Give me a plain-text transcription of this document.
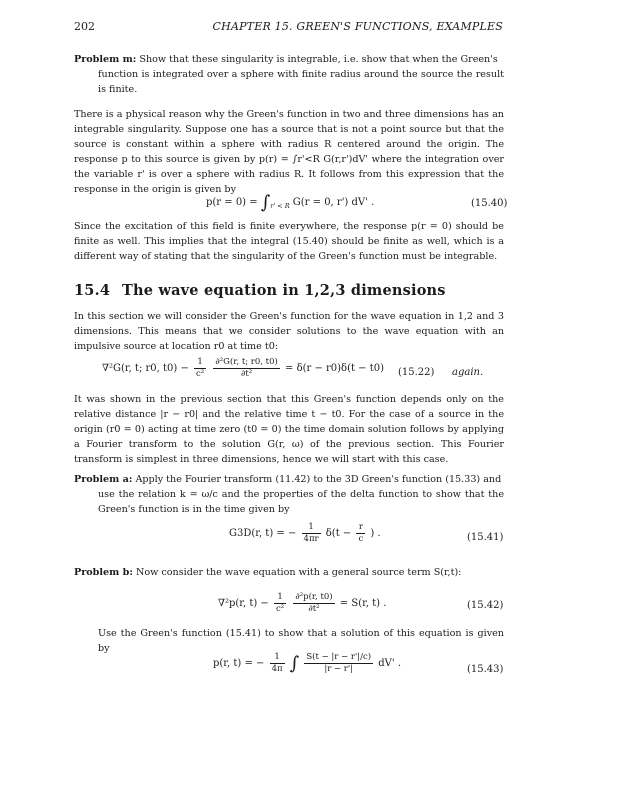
202	CHAPTER 15. GREEN'S FUNCTIONS, EXAMPLES
Problem m: Show that these singularity is integrable, i.e. show that when the Green's
function is integrated over a sphere with finite radius around the source the result is finite.
There is a physical reason why the Green's function in two and three dimensions has an integrable singularity. Suppose one has a source that is not a point source but that the source is constant within a sphere with radius R centered around the origin. The response p to this source is given by p(r) = ∫r'<R G(r,r')dV' where the integration over the variable r' is over a sphere with radius R. It follows from this expression that the response in the origin is given by
$p(r = 0) = \int_{r' < R}$ G(r = 0, r') dV' .	(15.40)
Since the excitation of this field is finite everywhere, the response p(r = 0) should be finite as well. This implies that the integral (15.40) should be finite as well, which is a different way of stating that the singularity of the Green's function must be integrable.
15.4 The wave equation in 1,2,3 dimensions
In this section we will consider the Green's function for the wave equation in 1,2 and 3 dimensions. This means that we consider solutions to the wave equation with an impulsive source at location r0 at time t0:
∇²G(r, t; r0, $t0) - \frac{1}{\text{c²}}$
$\frac{\text{∂²G(r, t; r0, t0)}}{\text{∂t²}} = \delta(r - r0)\delta(t - t0)$ (15.22) again.
It was shown in the previous section that this Green's function depends only on the relative distance |r − r0| and the relative time t − t0. For the case of a source in the origin (r0 = 0) acting at time zero (t0 = 0) the time domain solution follows by applying a Fourier transform to the solution G(r, ω) of the previous section. This Fourier transform is simplest in three dimensions, hence we will start with this case.
Problem a: Apply the Fourier transform (11.42) to the 3D Green's function (15.33) and
use the relation k = ω/c and the properties of the delta function to show that the Green's function is in the time given by
G3D(r, t) = − $\frac{1}{4\pi r} \delta(t - \frac{r}{c}$ ) .	(15.41)
Problem b: Now consider the wave equation with a general source term S(r,t):
∇²p(r, $t) - \frac{1}{\text{c²}}$
$\frac{\text{∂²p(r, t0)}}{\text{∂t²}} = S(r$, t) .	(15.42)
Use the Green's function (15.41) to show that a solution of this equation is given by
p(r, t) = − $\frac{1}{4\pi}$ ∫ $\frac{S(t - |r - r'|/c)}{|r - r'|} dV'$ .
(15.43)
